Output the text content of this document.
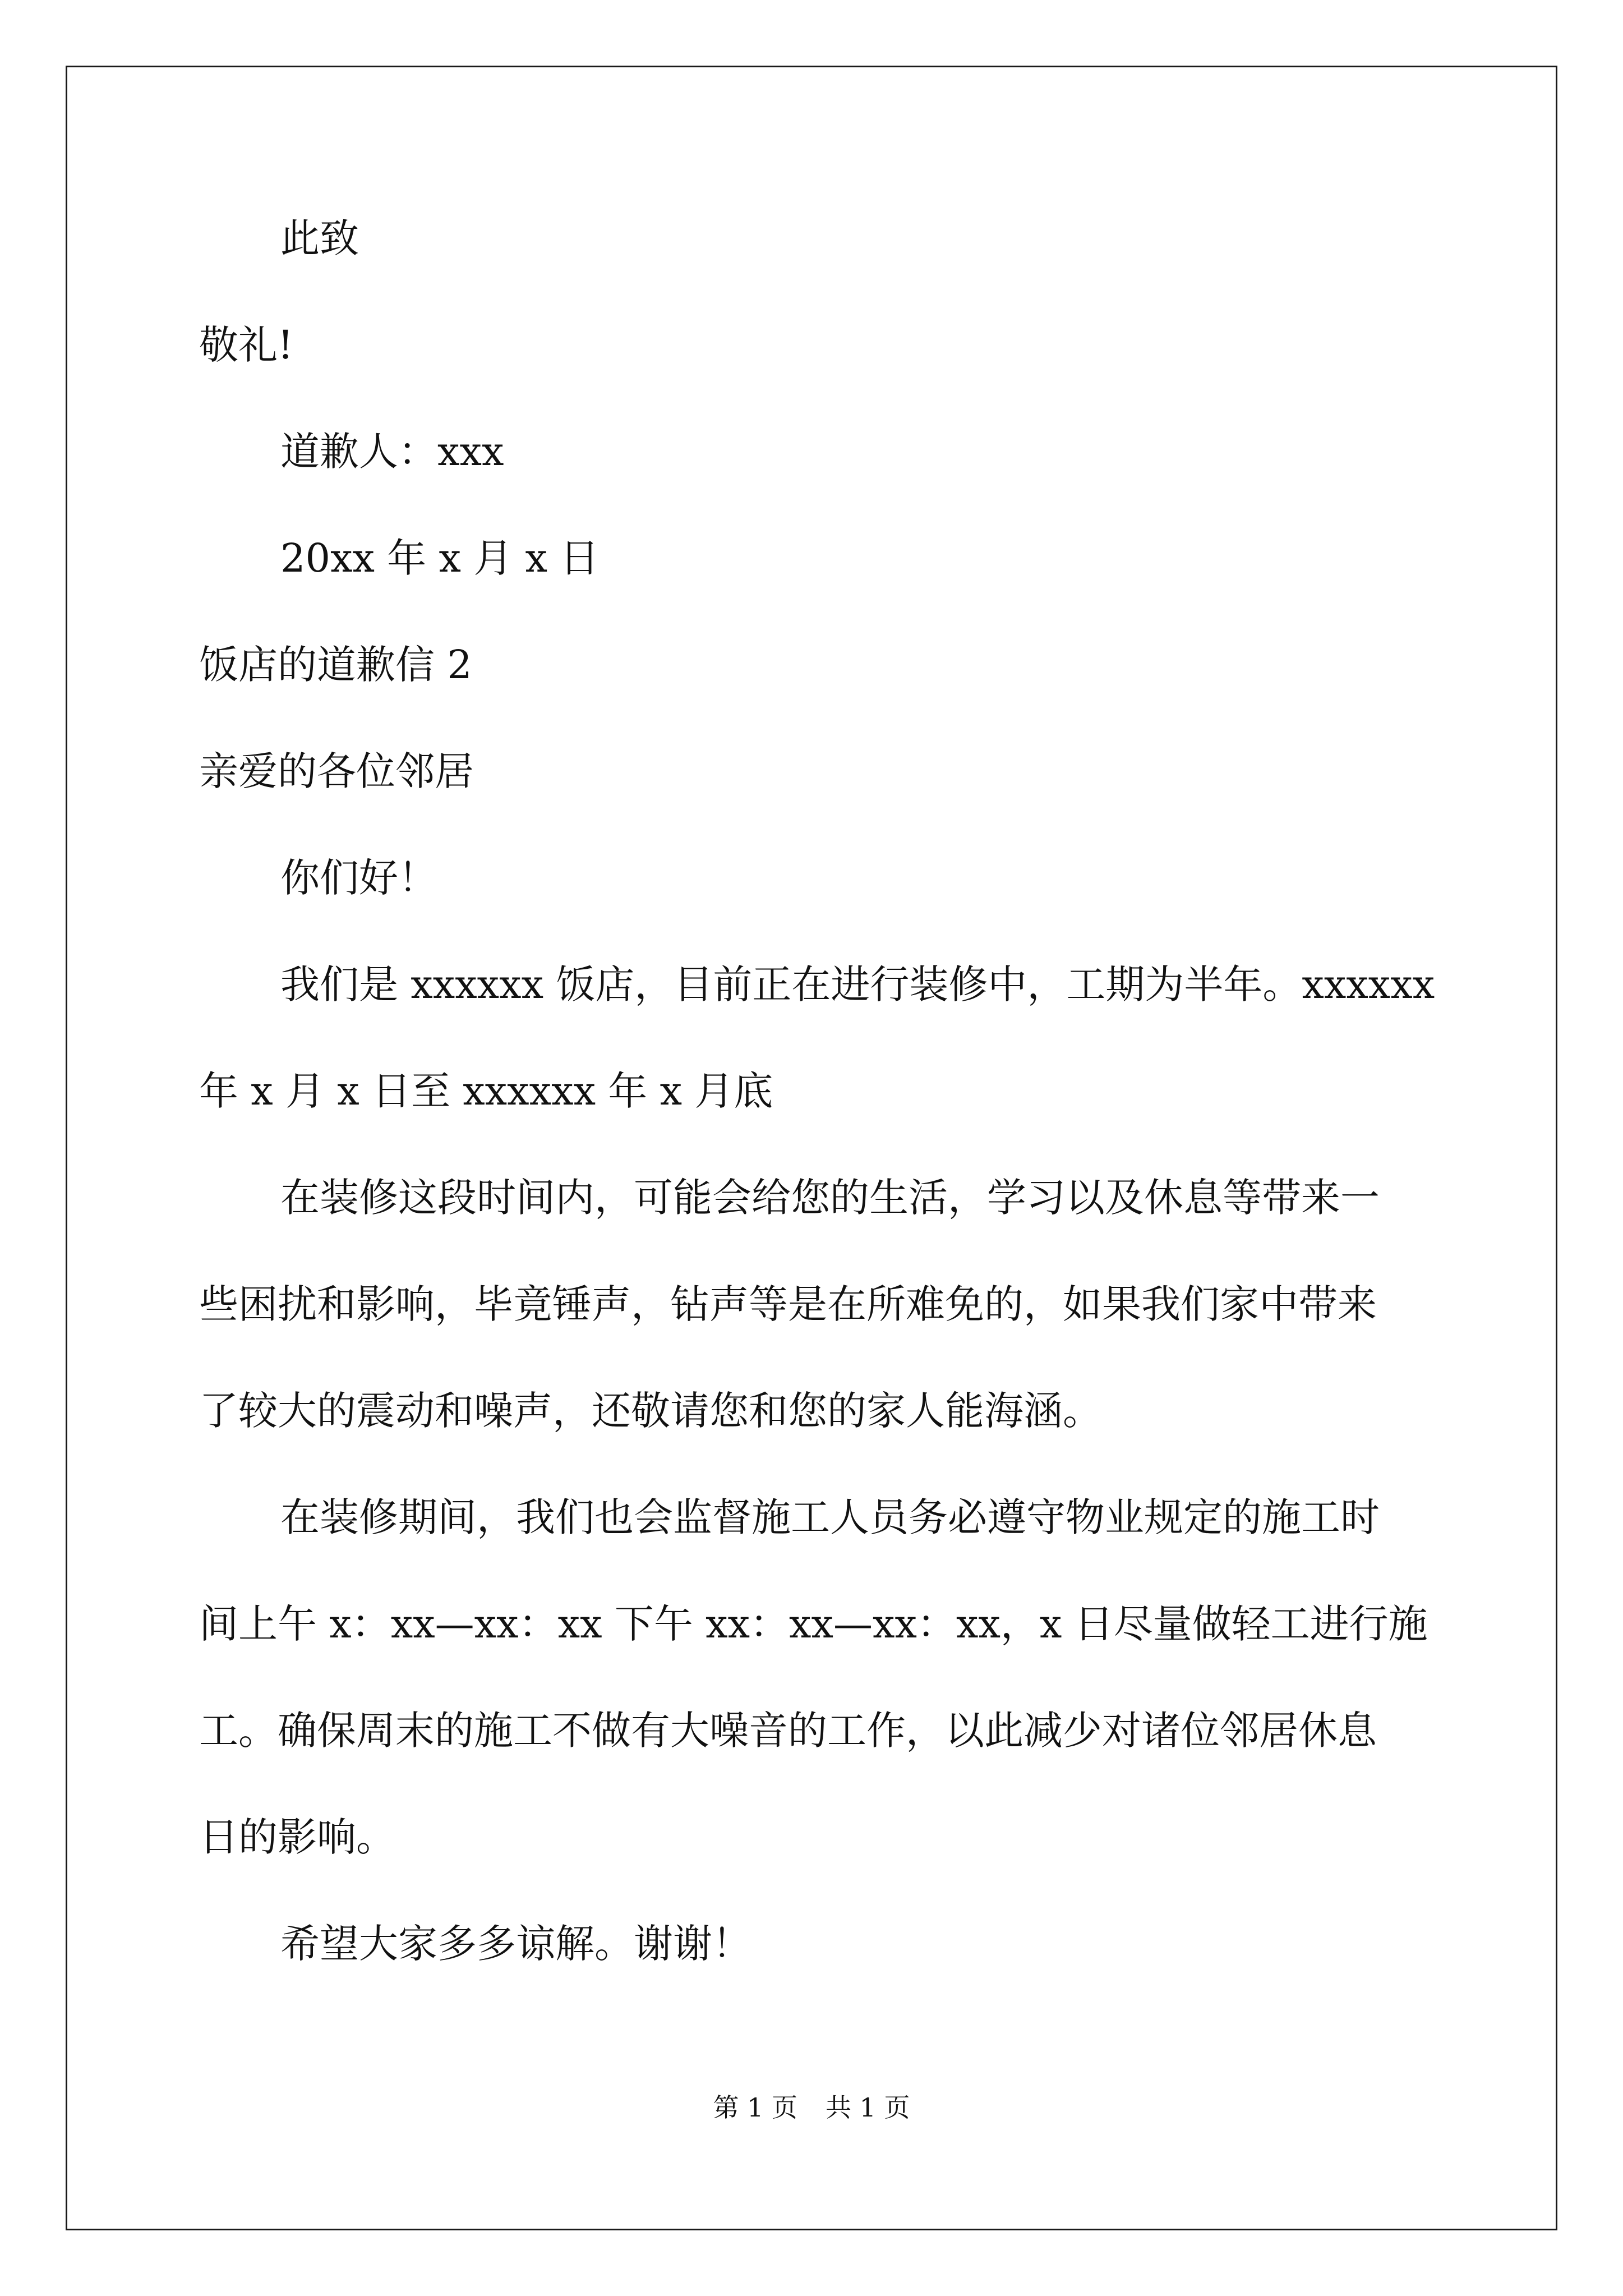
此致
敬礼!
道歉人：xxx
20xx 年 x 月 x 日
饭店的道歉信 2
亲爱的各位邻居
你们好！
我们是 xxxxxx 饭店，目前正在进行装修中，工期为半年。xxxxxx
年 x 月 x 日至 xxxxxx 年 x 月底
在装修这段时间内，可能会给您的生活，学习以及休息等带来一
些困扰和影响，毕竟锤声，钻声等是在所难免的，如果我们家中带来
了较大的震动和噪声，还敬请您和您的家人能海涵。
在装修期间，我们也会监督施工人员务必遵守物业规定的施工时
间上午 x：xx—xx：xx 下午 xx：xx—xx：xx，x 日尽量做轻工进行施
工。确保周末的施工不做有大噪音的工作，以此减少对诸位邻居休息
日的影响。
希望大家多多谅解。谢谢！
第 1 页 共 1 页
